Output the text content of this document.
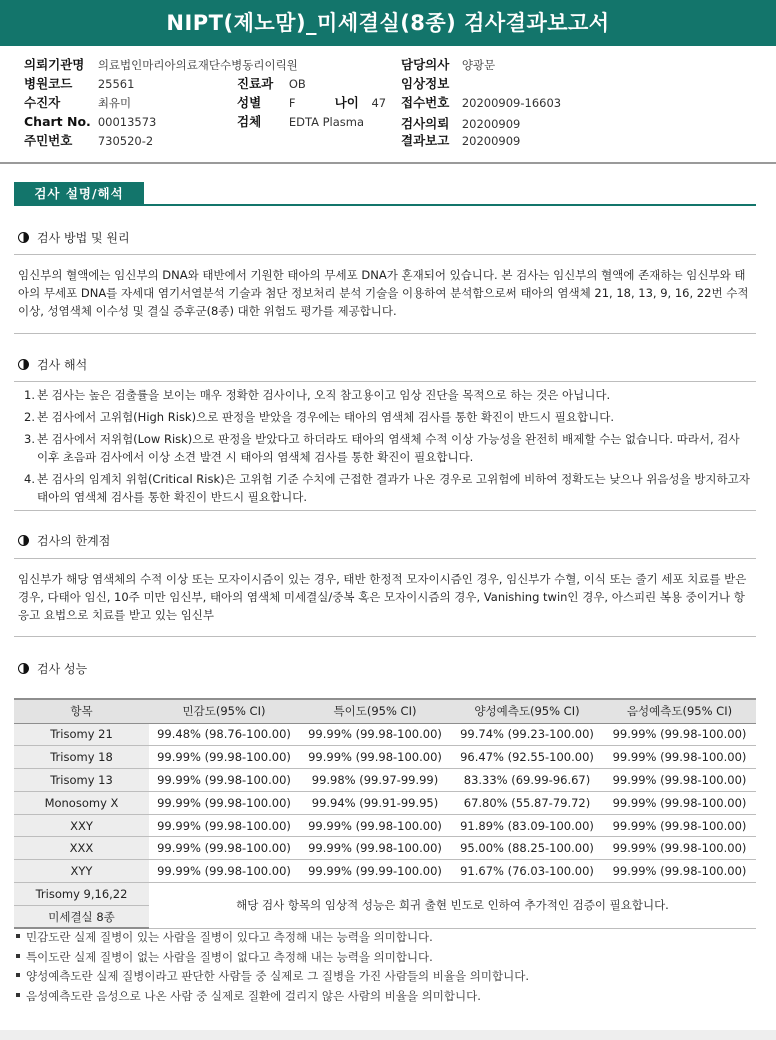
NIPT(제노맘)_미세결실(8종) 검사결과보고서
의뢰기관명 의료법인마리아의료재단수병동리이릭원
병원코드 25561
수진자	최유미
Chart No. 00013573
주민번호 730520-2
진료과 OB
성별 F	나이 47
검체 EDTA Plasma
담당의사 양광문
임상정보
접수번호 20200909-16603
검사의뢰 20200909
결과보고 20200909
검사 설명/해석
검사 방법 및 원리
임신부의 혈액에는 임신부의 DNA와 태반에서 기원한 태아의 무세포 DNA가 혼재되어 있습니다. 본 검사는 임신부의 혈액에 존재하는 임신부와 태아의 무세포 DNA를 자세대 염기서열분석 기술과 첨단 정보처리 분석 기술을 이용하여 분석함으로써 태아의 염색체 21, 18, 13, 9, 16, 22번 수적 이상, 성염색체 이수성 및 결실 증후군(8종) 대한 위험도 평가를 제공합니다.
검사 해석
1. 본 검사는 높은 검출률을 보이는 매우 정확한 검사이나, 오직 참고용이고 임상 진단을 목적으로 하는 것은 아닙니다.
2. 본 검사에서 고위험(High Risk)으로 판정을 받았을 경우에는 태아의 염색체 검사를 통한 확진이 반드시 필요합니다.
3. 본 검사에서 저위험(Low Risk)으로 판정을 받았다고 하더라도 태아의 염색체 수적 이상 가능성을 완전히 배제할 수는 없습니다. 따라서, 검사 이후 초음파 검사에서 이상 소견 발견 시 태아의 염색체 검사를 통한 확진이 필요합니다.
4. 본 검사의 임계치 위험(Critical Risk)은 고위험 기준 수치에 근접한 결과가 나온 경우로 고위험에 비하여 정확도는 낮으나 위음성을 방지하고자 태아의 염색체 검사를 통한 확진이 반드시 필요합니다.
검사의 한계점
임신부가 해당 염색체의 수적 이상 또는 모자이시즘이 있는 경우, 태반 한정적 모자이시즘인 경우, 임신부가 수혈, 이식 또는 줄기 세포 치료를 받은 경우, 다태아 임신, 10주 미만 임신부, 태아의 염색체 미세결실/중복 혹은 모자이시즘의 경우, Vanishing twin인 경우, 아스피린 복용 중이거나 항 응고 요법으로 치료를 받고 있는 임신부
검사 성능
항목	민감도(95% CI)	특이도(95% CI)	양성예측도(95% CI)	음성예측도(95% CI)
Trisomy 21	99.48% (98.76-100.00)	99.99% (99.98-100.00)	99.74% (99.23-100.00)	99.99% (99.98-100.00)
Trisomy 18	99.99% (99.98-100.00)	99.99% (99.98-100.00)	96.47% (92.55-100.00)	99.99% (99.98-100.00)
Trisomy 13	99.99% (99.98-100.00)	99.98% (99.97-99.99)	83.33% (69.99-96.67)	99.99% (99.98-100.00)
Monosomy X	99.99% (99.98-100.00)	99.94% (99.91-99.95)	67.80% (55.87-79.72)	99.99% (99.98-100.00)
XXY	99.99% (99.98-100.00)	99.99% (99.98-100.00)	91.89% (83.09-100.00)	99.99% (99.98-100.00)
XXX	99.99% (99.98-100.00)	99.99% (99.98-100.00)	95.00% (88.25-100.00)	99.99% (99.98-100.00)
XYY	99.99% (99.98-100.00)	99.99% (99.99-100.00)	91.67% (76.03-100.00)	99.99% (99.98-100.00)
Trisomy 9,16,22	해당 검사 항목의 임상적 성능은 희귀 출현 빈도로 인하여 추가적인 검증이 필요합니다.			
미세결실 8종				
민감도란 실제 질병이 있는 사람을 질병이 있다고 측정해 내는 능력을 의미합니다.
특이도란 실제 질병이 없는 사람을 질병이 없다고 측정해 내는 능력을 의미합니다.
양성예측도란 실제 질병이라고 판단한 사람들 중 실제로 그 질병을 가진 사람들의 비율을 의미합니다.
음성예측도란 음성으로 나온 사람 중 실제로 질환에 걸리지 않은 사람의 비율을 의미합니다.
